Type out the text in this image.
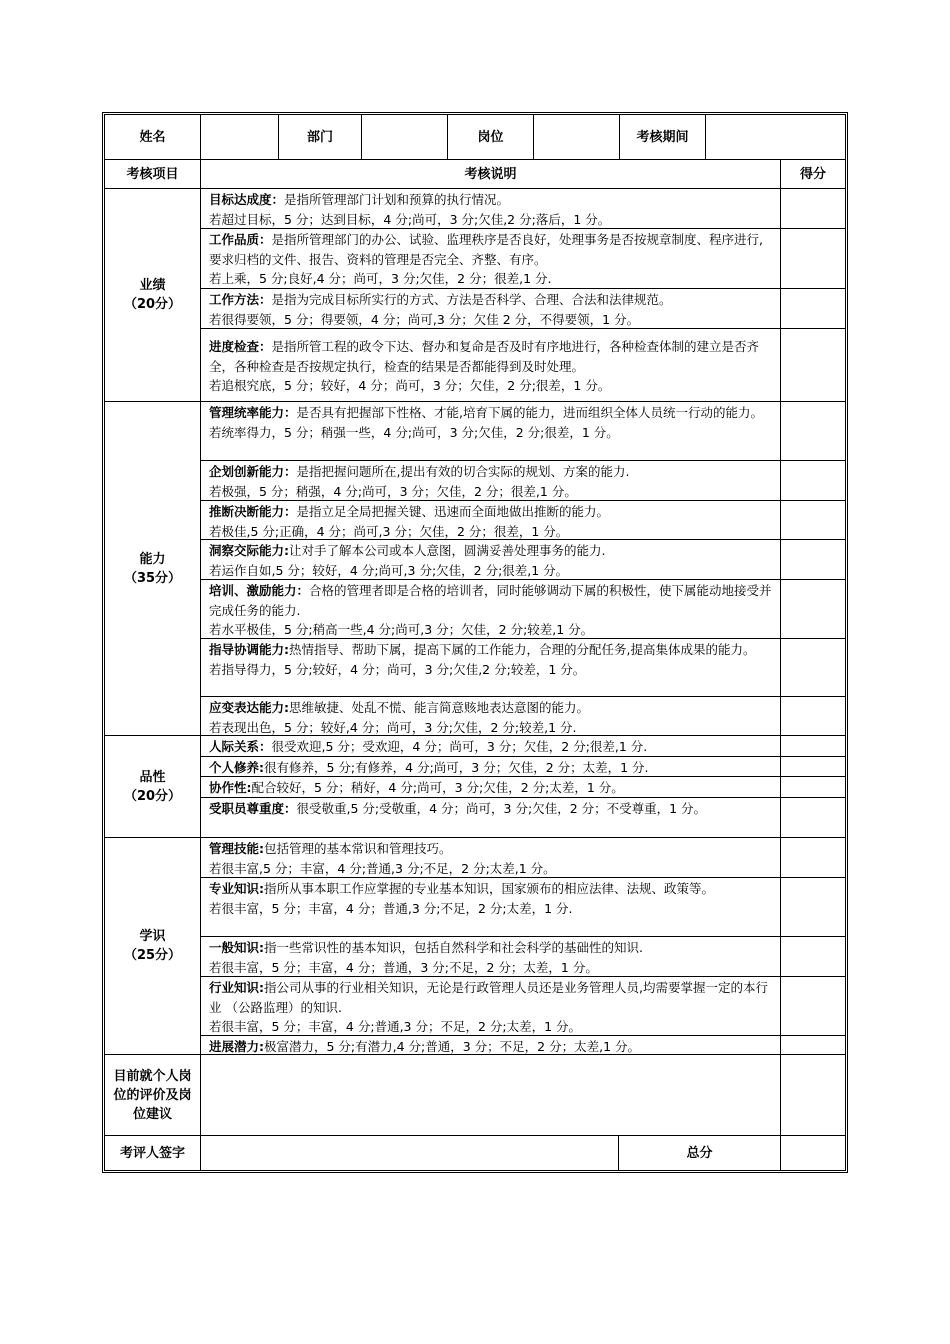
姓名	部门	岗位	考核期间
考核项目	考核说明	得分
业绩
（20分）
目标达成度：是指所管理部门计划和预算的执行情况。
若超过目标，5 分；达到目标，4 分;尚可，3 分;欠佳,2 分;落后，1 分。
工作品质：是指所管理部门的办公、试验、监理秩序是否良好，处理事务是否按规章制度、程序进行,要求归档的文件、报告、资料的管理是否完全、齐整、有序。
若上乘，5 分;良好,4 分；尚可，3 分;欠佳，2 分；很差,1 分.
工作方法：是指为完成目标所实行的方式、方法是否科学、合理、合法和法律规范。
若很得要领，5 分；得要领，4 分；尚可,3 分；欠佳 2 分，不得要领，1 分。
进度检查：是指所管工程的政令下达、督办和复命是否及时有序地进行，各种检查体制的建立是否齐全，各种检查是否按规定执行，检查的结果是否都能得到及时处理。
若追根究底，5 分；较好，4 分；尚可，3 分；欠佳，2 分;很差，1 分。
能力
（35分）
管理统率能力：是否具有把握部下性格、才能,培育下属的能力，进而组织全体人员统一行动的能力。
若统率得力，5 分；稍强一些，4 分;尚可，3 分;欠佳，2 分;很差，1 分。
企划创新能力：是指把握问题所在,提出有效的切合实际的规划、方案的能力.
若极强，5 分；稍强，4 分;尚可，3 分；欠佳，2 分；很差,1 分。
推断决断能力：是指立足全局把握关键、迅速而全面地做出推断的能力。
若极佳,5 分;正确，4 分；尚可,3 分；欠佳，2 分；很差，1 分。
洞察交际能力:让对手了解本公司或本人意图，圆满妥善处理事务的能力.
若运作自如,5 分；较好，4 分;尚可,3 分;欠佳，2 分;很差,1 分。
培训、激励能力：合格的管理者即是合格的培训者，同时能够调动下属的积极性，使下属能动地接受并完成任务的能力.
若水平极佳，5 分;稍高一些,4 分;尚可,3 分；欠佳，2 分;较差,1 分。
指导协调能力:热情指导、帮助下属，提高下属的工作能力，合理的分配任务,提高集体成果的能力。
若指导得力，5 分;较好，4 分；尚可，3 分;欠佳,2 分;较差，1 分。
应变表达能力:思维敏捷、处乱不慌、能言简意赅地表达意图的能力。
若表现出色，5 分；较好,4 分；尚可，3 分;欠佳，2 分;较差,1 分.
品性
（20分）
人际关系：很受欢迎,5 分；受欢迎，4 分；尚可，3 分；欠佳，2 分;很差,1 分.
个人修养:很有修养，5 分;有修养，4 分;尚可，3 分；欠佳，2 分；太差，1 分.
协作性:配合较好，5 分；稍好，4 分;尚可，3 分;欠佳，2 分;太差，1 分。
受职员尊重度：很受敬重,5 分;受敬重，4 分；尚可，3 分;欠佳，2 分；不受尊重，1 分。
学识
（25分）
管理技能:包括管理的基本常识和管理技巧。
若很丰富,5 分；丰富，4 分;普通,3 分;不足，2 分;太差,1 分。
专业知识:指所从事本职工作应掌握的专业基本知识，国家颁布的相应法律、法规、政策等。
若很丰富，5 分；丰富，4 分；普通,3 分;不足，2 分;太差，1 分.
一般知识:指一些常识性的基本知识，包括自然科学和社会科学的基础性的知识.
若很丰富，5 分；丰富，4 分；普通，3 分;不足，2 分；太差，1 分。
行业知识:指公司从事的行业相关知识，无论是行政管理人员还是业务管理人员,均需要掌握一定的本行业 （公路监理）的知识.
若很丰富，5 分；丰富，4 分;普通,3 分；不足，2 分;太差，1 分。
进展潜力:极富潜力，5 分;有潜力,4 分;普通，3 分；不足，2 分；太差,1 分。
目前就个人岗位的评价及岗位建议
考评人签字	总分
